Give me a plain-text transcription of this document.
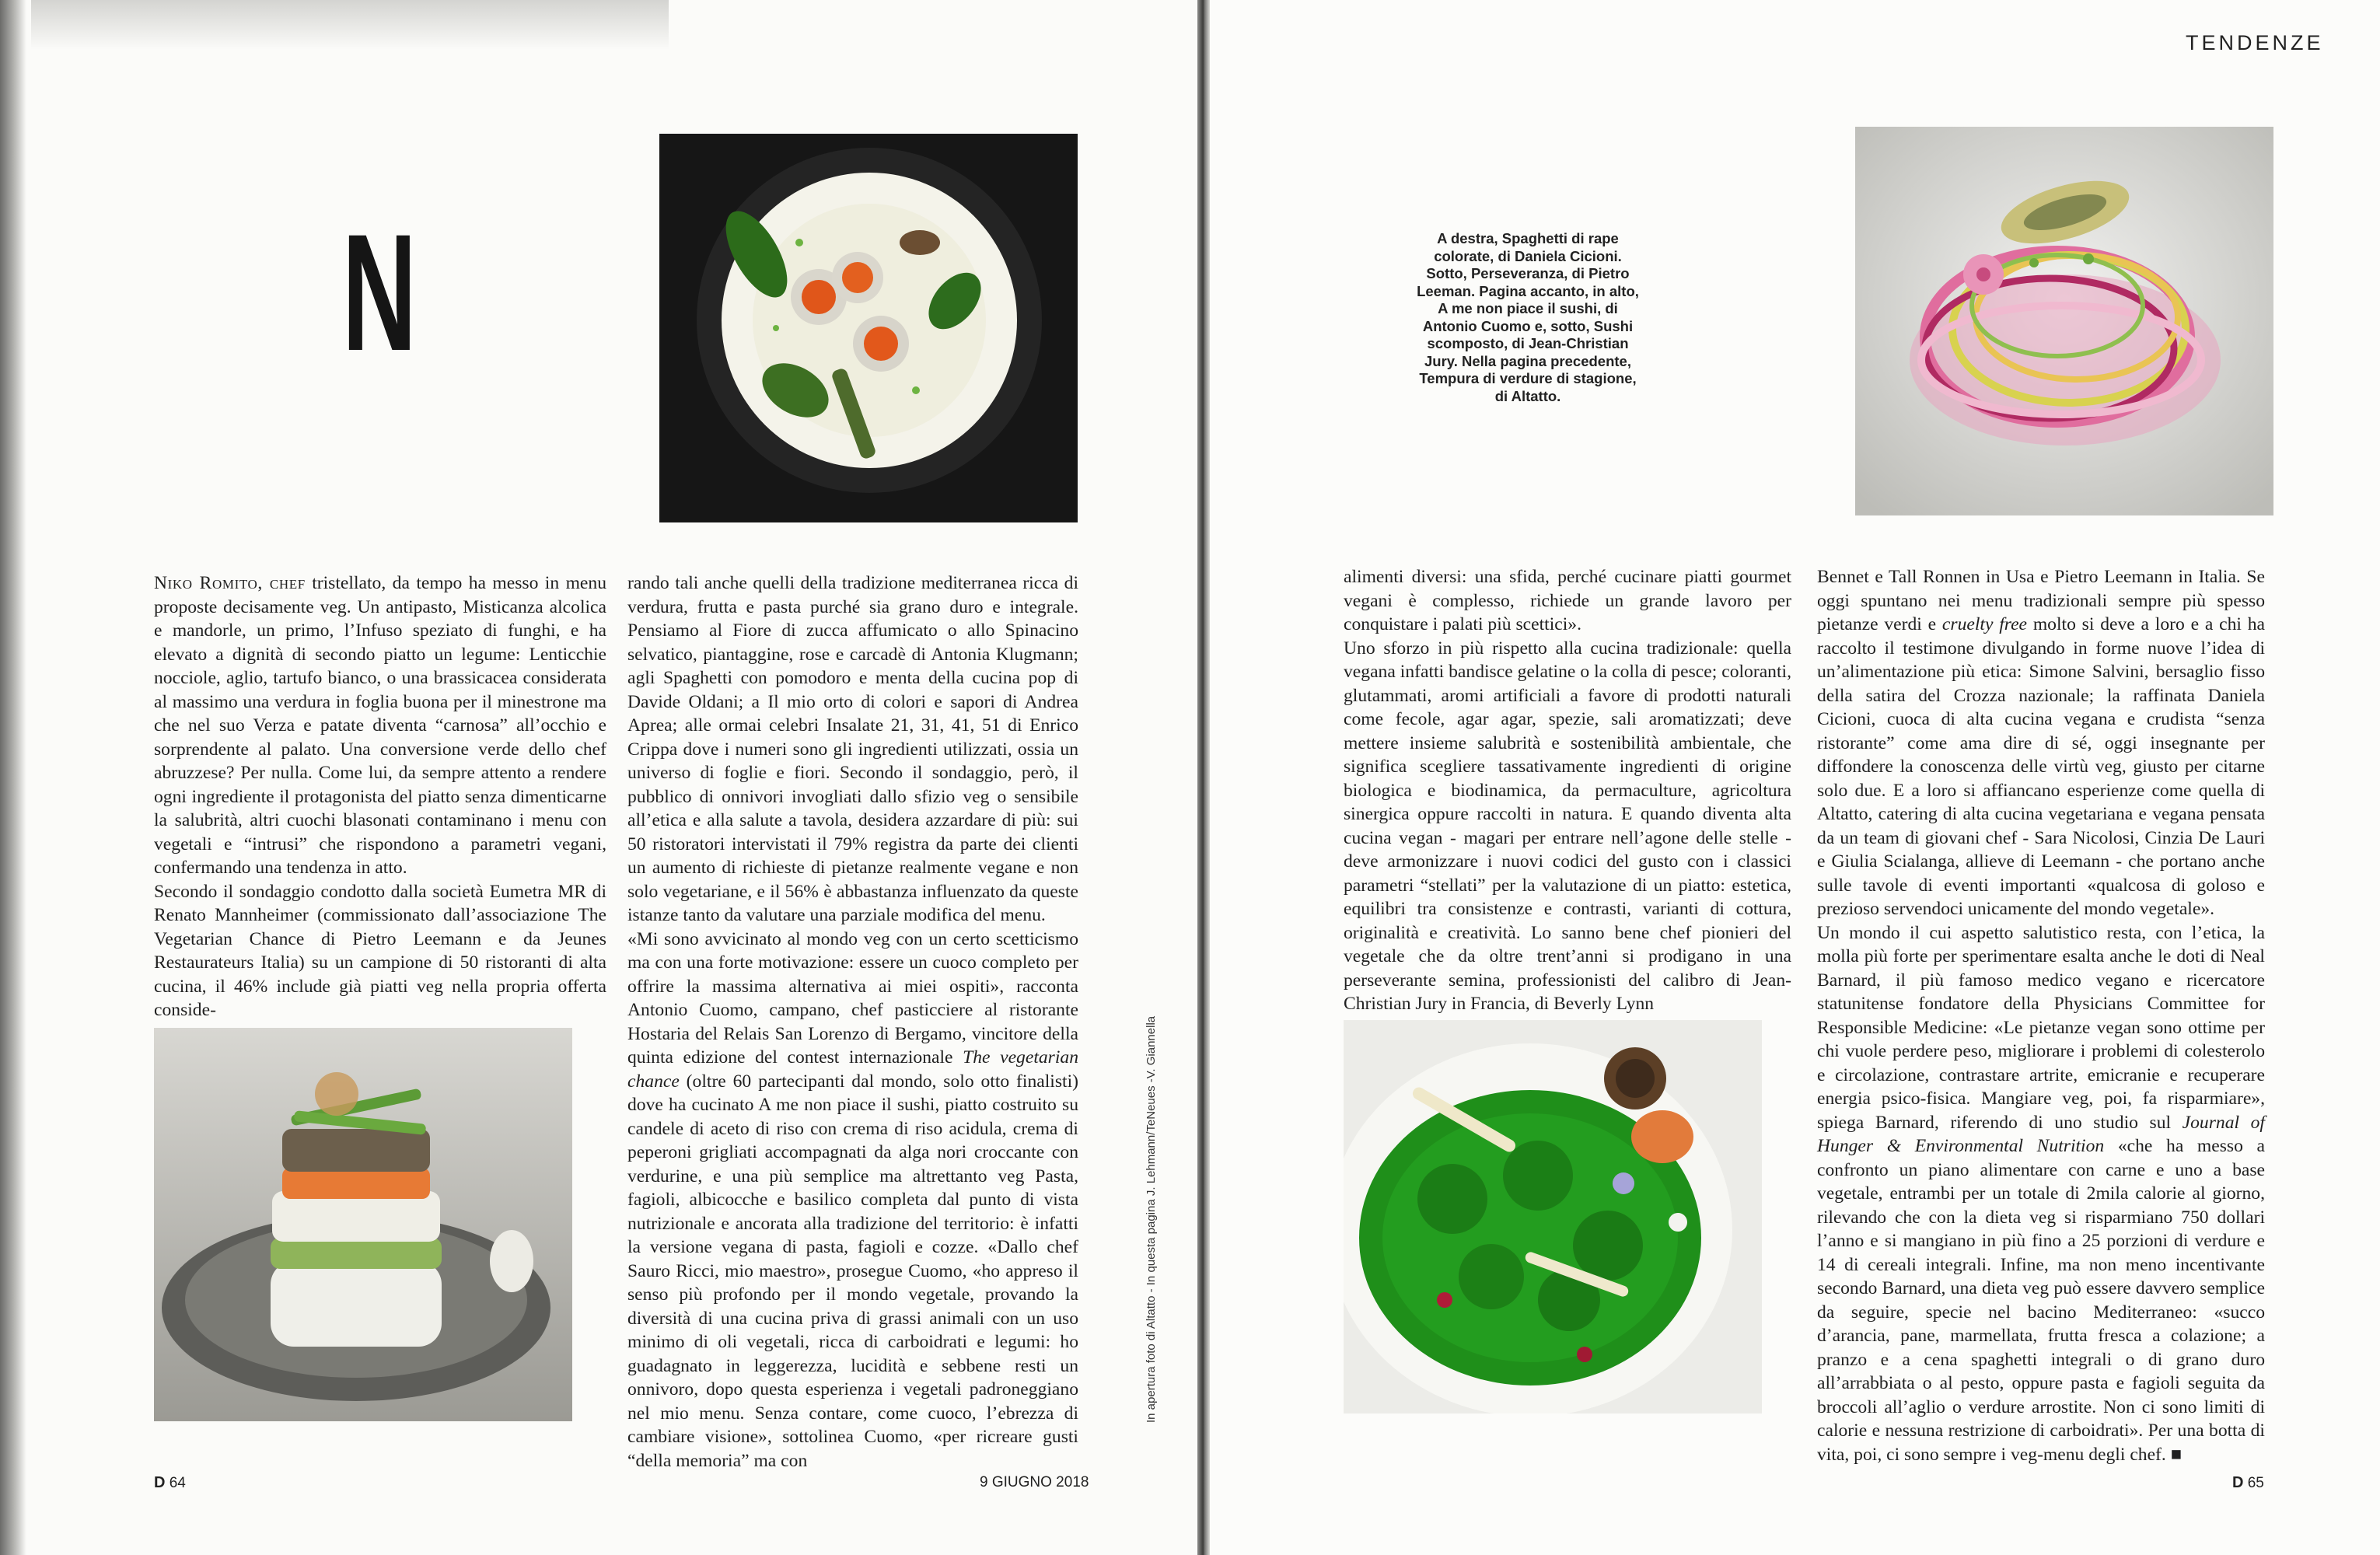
N

Niko Romito, chef tristellato, da tempo ha messo in menu proposte decisamente veg. Un antipasto, Misticanza alcolica e mandorle, un primo, l’Infuso speziato di funghi, e ha elevato a dignità di secondo piatto un legume: Lenticchie nocciole, aglio, tartufo bianco, o una brassicacea considerata al massimo una verdura in foglia buona per il minestrone ma che nel suo Verza e patate diventa “carnosa” all’occhio e sorprendente al palato. Una conversione verde dello chef abruzzese? Per nulla. Come lui, da sempre attento a rendere ogni ingrediente il protagonista del piatto senza dimenticarne la salubrità, altri cuochi blasonati contaminano i menu con vegetali e “intrusi” che rispondono a parametri vegani, confermando una tendenza in atto.

Secondo il sondaggio condotto dalla società Eumetra MR di Renato Mannheimer (commissionato dall’associazione The Vegetarian Chance di Pietro Leemann e da Jeunes Restaurateurs Italia) su un campione di 50 ristoranti di alta cucina, il 46% include già piatti veg nella propria offerta conside-

rando tali anche quelli della tradizione mediterranea ricca di verdura, frutta e pasta purché sia grano duro e integrale. Pensiamo al Fiore di zucca affumicato o allo Spinacino selvatico, piantaggine, rose e carcadè di Antonia Klugmann; agli Spaghetti con pomodoro e menta della cucina pop di Davide Oldani; a Il mio orto di colori e sapori di Andrea Aprea; alle ormai celebri Insalate 21, 31, 41, 51 di Enrico Crippa dove i numeri sono gli ingredienti utilizzati, ossia un universo di foglie e fiori. Secondo il sondaggio, però, il pubblico di onnivori invogliati dallo sfizio veg o sensibile all’etica e alla salute a tavola, desidera azzardare di più: sui 50 ristoratori intervistati il 79% registra da parte dei clienti un aumento di richieste di pietanze realmente vegane e non solo vegetariane, e il 56% è abbastanza influenzato da queste istanze tanto da valutare una parziale modifica del menu.

«Mi sono avvicinato al mondo veg con un certo scetticismo ma con una forte motivazione: essere un cuoco completo per offrire la massima alternativa ai miei ospiti», racconta Antonio Cuomo, campano, chef pasticciere al ristorante Hostaria del Relais San Lorenzo di Bergamo, vincitore della quinta edizione del contest internazionale The vegetarian chance (oltre 60 partecipanti dal mondo, solo otto finalisti) dove ha cucinato A me non piace il sushi, piatto costruito su candele di aceto di riso con crema di riso acidula, crema di peperoni grigliati accompagnati da alga nori croccante con verdurine, e una più semplice ma altrettanto veg Pasta, fagioli, albicocche e basilico completa dal punto di vista nutrizionale e ancorata alla tradizione del territorio: è infatti la versione vegana di pasta, fagioli e cozze. «Dallo chef Sauro Ricci, mio maestro», prosegue Cuomo, «ho appreso il senso più profondo per il mondo vegetale, provando la diversità di una cucina priva di grassi animali con un uso minimo di oli vegetali, ricca di carboidrati e legumi: ho guadagnato in leggerezza, lucidità e sebbene resti un onnivoro, dopo questa esperienza i vegetali padroneggiano nel mio menu. Senza contare, come cuoco, l’ebrezza di cambiare visione», sottolinea Cuomo, «per ricreare gusti “della memoria” ma con

In apertura foto di Altatto - In questa pagina J. Lehmann/TeNeues -V. Giannella
D 64	9 GIUGNO 2018
TENDENZE
A destra, Spaghetti di rape colorate, di Daniela Cicioni. Sotto, Perseveranza, di Pietro Leeman. Pagina accanto, in alto, A me non piace il sushi, di Antonio Cuomo e, sotto, Sushi scomposto, di Jean-Christian Jury. Nella pagina precedente, Tempura di verdure di stagione, di Altatto.

alimenti diversi: una sfida, perché cucinare piatti gourmet vegani è complesso, richiede un grande lavoro per conquistare i palati più scettici».

Uno sforzo in più rispetto alla cucina tradizionale: quella vegana infatti bandisce gelatine o la colla di pesce; coloranti, glutammati, aromi artificiali a favore di prodotti naturali come fecole, agar agar, spezie, sali aromatizzati; deve mettere insieme salubrità e sostenibilità ambientale, che significa scegliere tassativamente ingredienti di origine biologica e biodinamica, da permaculture, agricoltura sinergica oppure raccolti in natura. E quando diventa alta cucina vegan - magari per entrare nell’agone delle stelle - deve armonizzare i nuovi codici del gusto con i classici parametri “stellati” per la valutazione di un piatto: estetica, equilibri tra consistenze e contrasti, varianti di cottura, originalità e creatività. Lo sanno bene chef pionieri del vegetale che da oltre trent’anni si prodigano in una perseverante semina, professionisti del calibro di Jean-Christian Jury in Francia, di Beverly Lynn

Bennet e Tall Ronnen in Usa e Pietro Leemann in Italia. Se oggi spuntano nei menu tradizionali sempre più spesso pietanze verdi e cruelty free molto si deve a loro e a chi ha raccolto il testimone divulgando in forme nuove l’idea di un’alimentazione più etica: Simone Salvini, bersaglio fisso della satira del Crozza nazionale; la raffinata Daniela Cicioni, cuoca di alta cucina vegana e crudista “senza ristorante” come ama dire di sé, oggi insegnante per diffondere la conoscenza delle virtù veg, giusto per citarne solo due. E a loro si affiancano esperienze come quella di Altatto, catering di alta cucina vegetariana e vegana pensata da un team di giovani chef - Sara Nicolosi, Cinzia De Lauri e Giulia Scialanga, allieve di Leemann - che portano anche sulle tavole di eventi importanti «qualcosa di goloso e prezioso servendoci unicamente del mondo vegetale».

Un mondo il cui aspetto salutistico resta, con l’etica, la molla più forte per sperimentare esalta anche le doti di Neal Barnard, il più famoso medico vegano e ricercatore statunitense fondatore della Physicians Committee for Responsible Medicine: «Le pietanze vegan sono ottime per chi vuole perdere peso, migliorare i problemi di colesterolo e circolazione, contrastare artrite, emicranie e recuperare energia psico-fisica. Mangiare veg, poi, fa risparmiare», spiega Barnard, riferendo di uno studio sul Journal of Hunger & Environmental Nutrition «che ha messo a confronto un piano alimentare con carne e uno a base vegetale, entrambi per un totale di 2mila calorie al giorno, rilevando che con la dieta veg si risparmiano 750 dollari l’anno e si mangiano in più fino a 25 porzioni di verdure e 14 di cereali integrali. Infine, ma non meno incentivante secondo Barnard, una dieta veg può essere davvero semplice da seguire, specie nel bacino Mediterraneo: «succo d’arancia, pane, marmellata, frutta fresca a colazione; a pranzo e a cena spaghetti integrali o di grano duro all’arrabbiata o al pesto, oppure pasta e fagioli seguita da broccoli all’aglio o verdure arrostite. Non ci sono limiti di calorie e nessuna restrizione di carboidrati». Per una botta di vita, poi, ci sono sempre i veg-menu degli chef. ■

D 65
